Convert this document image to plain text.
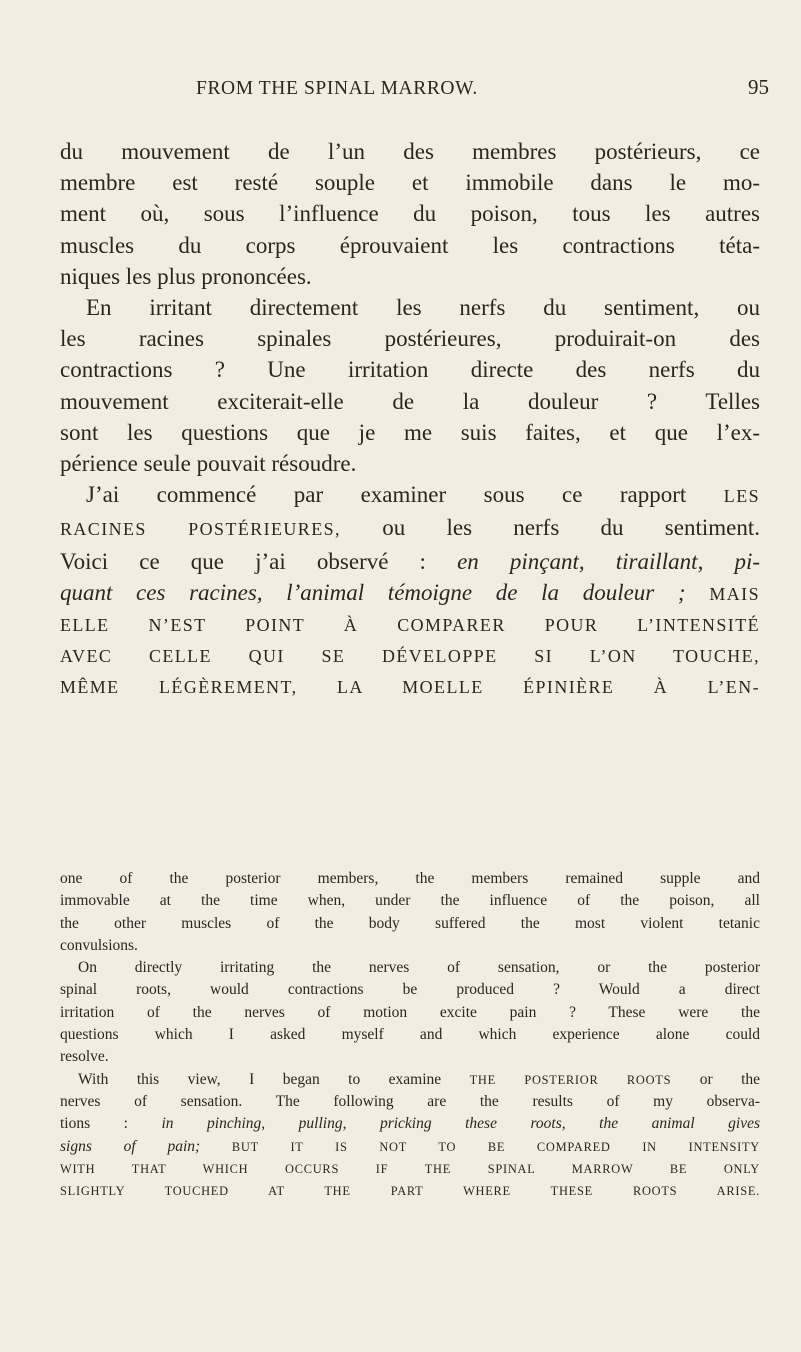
FROM THE SPINAL MARROW.	95
du mouvement de l’un des membres postérieurs, ce
membre est resté souple et immobile dans le mo-
ment où, sous l’influence du poison, tous les autres
muscles du corps éprouvaient les contractions téta-
niques les plus prononcées.
En irritant directement les nerfs du sentiment, ou
les racines spinales postérieures, produirait-on des
contractions ? Une irritation directe des nerfs du
mouvement exciterait-elle de la douleur ? Telles
sont les questions que je me suis faites, et que l’ex-
périence seule pouvait résoudre.
J’ai commencé par examiner sous ce rapport LES
RACINES POSTÉRIEURES, ou les nerfs du sentiment.
Voici ce que j’ai observé : en pinçant, tiraillant, pi-
quant ces racines, l’animal témoigne de la douleur ; MAIS
ELLE N’EST POINT À COMPARER POUR L’INTENSITÉ
AVEC CELLE QUI SE DÉVELOPPE SI L’ON TOUCHE,
MÊME LÉGÈREMENT, LA MOELLE ÉPINIÈRE À L’EN-
one of the posterior members, the members remained supple and
immovable at the time when, under the influence of the poison, all
the other muscles of the body suffered the most violent tetanic
convulsions.
On directly irritating the nerves of sensation, or the posterior
spinal roots, would contractions be produced ? Would a direct
irritation of the nerves of motion excite pain ? These were the
questions which I asked myself and which experience alone could
resolve.
With this view, I began to examine THE POSTERIOR ROOTS or the
nerves of sensation. The following are the results of my observa-
tions : in pinching, pulling, pricking these roots, the animal gives
signs of pain; BUT IT IS NOT TO BE COMPARED IN INTENSITY
WITH THAT WHICH OCCURS IF THE SPINAL MARROW BE ONLY
SLIGHTLY TOUCHED AT THE PART WHERE THESE ROOTS ARISE.
